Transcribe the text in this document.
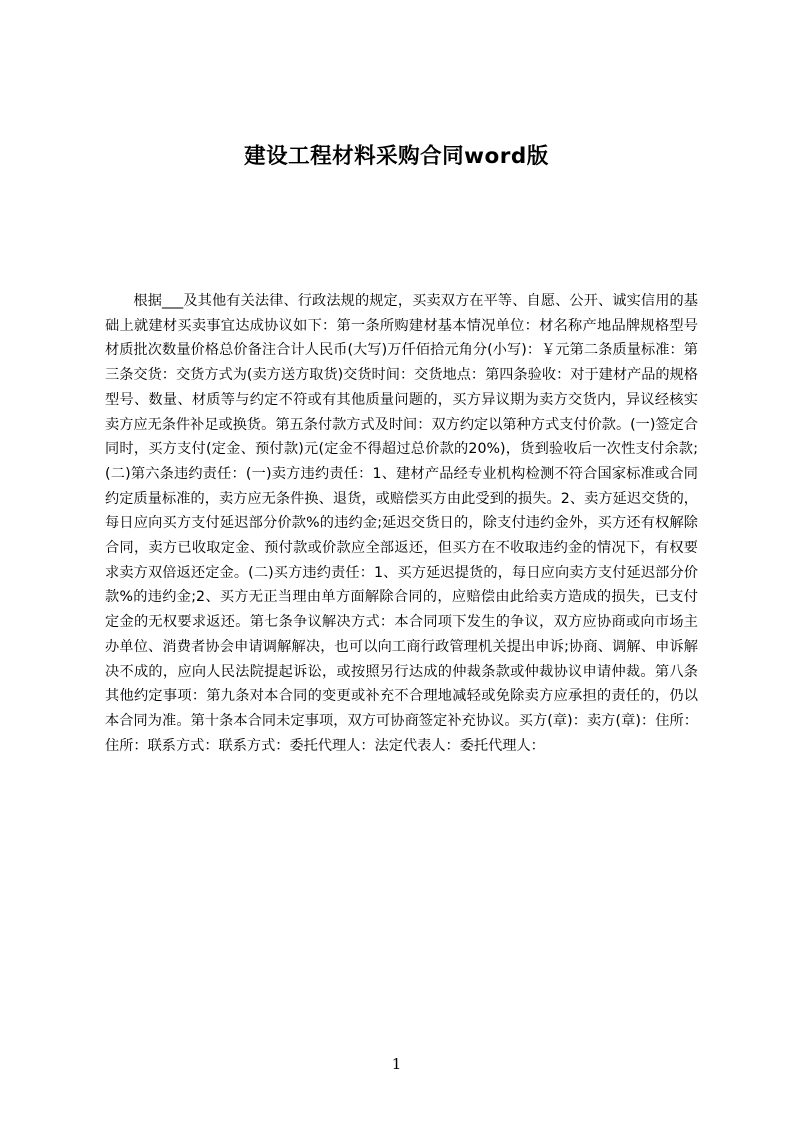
建设工程材料采购合同word版

根据___及其他有关法律、行政法规的规定，买卖双方在平等、自愿、公开、诚实信用的基础上就建材买卖事宜达成协议如下：第一条所购建材基本情况单位：材名称产地品牌规格型号材质批次数量价格总价备注合计人民币(大写)万仟佰拾元角分(小写)：￥元第二条质量标准：第三条交货：交货方式为(卖方送方取货)交货时间：交货地点：第四条验收：对于建材产品的规格型号、数量、材质等与约定不符或有其他质量问题的，买方异议期为卖方交货内，异议经核实卖方应无条件补足或换货。第五条付款方式及时间：双方约定以第种方式支付价款。(一)签定合同时，买方支付(定金、预付款)元(定金不得超过总价款的20%)，货到验收后一次性支付余款;(二)第六条违约责任：(一)卖方违约责任：1、建材产品经专业机构检测不符合国家标准或合同约定质量标准的，卖方应无条件换、退货，或赔偿买方由此受到的损失。2、卖方延迟交货的，每日应向买方支付延迟部分价款%的违约金;延迟交货日的，除支付违约金外，买方还有权解除合同，卖方已收取定金、预付款或价款应全部返还，但买方在不收取违约金的情况下，有权要求卖方双倍返还定金。(二)买方违约责任：1、买方延迟提货的，每日应向卖方支付延迟部分价款%的违约金;2、买方无正当理由单方面解除合同的，应赔偿由此给卖方造成的损失，已支付定金的无权要求返还。第七条争议解决方式：本合同项下发生的争议，双方应协商或向市场主办单位、消费者协会申请调解解决，也可以向工商行政管理机关提出申诉;协商、调解、申诉解决不成的，应向人民法院提起诉讼，或按照另行达成的仲裁条款或仲裁协议申请仲裁。第八条其他约定事项：第九条对本合同的变更或补充不合理地减轻或免除卖方应承担的责任的，仍以本合同为准。第十条本合同未定事项，双方可协商签定补充协议。买方(章)：卖方(章)：住所：住所：联系方式：联系方式：委托代理人：法定代表人：委托代理人：

1
